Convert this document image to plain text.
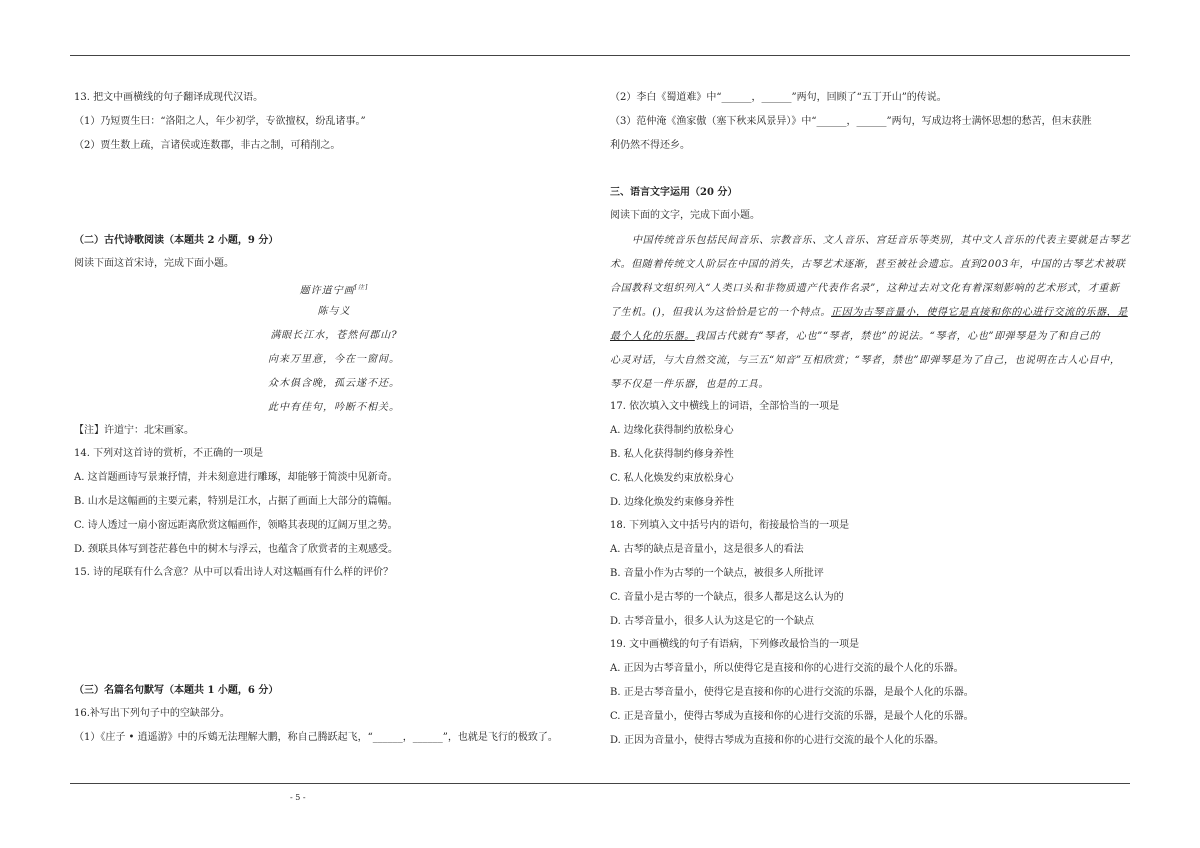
13. 把文中画横线的句子翻译成现代汉语。
（1）乃短贾生曰：“洛阳之人，年少初学，专欲擅权，纷乱诸事。”
（2）贾生数上疏，言诸侯或连数郡，非古之制，可稍削之。
（二）古代诗歌阅读（本题共 2 小题，9 分）
阅读下面这首宋诗，完成下面小题。
题许道宁画[注]
陈与义
满眼长江水，苍然何郡山?
向来万里意，今在一窗间。
众木俱含晚，孤云遂不还。
此中有佳句，吟断不相关。
【注】许道宁：北宋画家。
14. 下列对这首诗的赏析，不正确的一项是
A. 这首题画诗写景兼抒情，并未刻意进行雕琢，却能够于简淡中见新奇。
B. 山水是这幅画的主要元素，特别是江水，占据了画面上大部分的篇幅。
C. 诗人透过一扇小窗远距离欣赏这幅画作，领略其表现的辽阔万里之势。
D. 颈联具体写到苍茫暮色中的树木与浮云，也蕴含了欣赏者的主观感受。
15. 诗的尾联有什么含意？从中可以看出诗人对这幅画有什么样的评价？
（三）名篇名句默写（本题共 1 小题，6 分）
16.补写出下列句子中的空缺部分。
（1）《庄子 • 逍遥游》中的斥鴳无法理解大鹏，称自己腾跃起飞，“______，______”，也就是飞行的极致了。
（2）李白《蜀道难》中“______，______”两句，回顾了“五丁开山”的传说。
（3）范仲淹《渔家傲（塞下秋来风景异）》中“______，______”两句，写成边将士满怀思想的愁苦，但末获胜
利仍然不得还乡。
三、语言文字运用（20 分）
阅读下面的文字，完成下面小题。
中国传统音乐包括民间音乐、宗教音乐、文人音乐、宫廷音乐等类别，其中文人音乐的代表主要就是古琴艺
术。但随着传统文人阶层在中国的消失，古琴艺术逐渐，甚至被社会遗忘。直到2003年，中国的古琴艺术被联
合国教科文组织列入“人类口头和非物质遗产代表作名录”，这种过去对文化有着深刻影响的艺术形式，才重新
了生机。()，但我认为这恰恰是它的一个特点。正因为古琴音量小，使得它是直接和你的心进行交流的乐器，是
最个人化的乐器。我国古代就有“琴者，心也”“琴者，禁也”的说法。“琴者，心也”即弹琴是为了和自己的
心灵对话，与大自然交流，与三五“知音”互相欣赏；“琴者，禁也”即弹琴是为了自己，也说明在古人心目中，
琴不仅是一件乐器，也是的工具。
17. 依次填入文中横线上的词语，全部恰当的一项是
A. 边缘化获得制约放松身心
B. 私人化获得制约修身养性
C. 私人化焕发约束放松身心
D. 边缘化焕发约束修身养性
18. 下列填入文中括号内的语句，衔接最恰当的一项是
A. 古琴的缺点是音量小，这是很多人的看法
B. 音量小作为古琴的一个缺点，被很多人所批评
C. 音量小是古琴的一个缺点，很多人都是这么认为的
D. 古琴音量小，很多人认为这是它的一个缺点
19. 文中画横线的句子有语病，下列修改最恰当的一项是
A. 正因为古琴音量小，所以使得它是直接和你的心进行交流的最个人化的乐器。
B. 正是古琴音量小，使得它是直接和你的心进行交流的乐器，是最个人化的乐器。
C. 正是音量小，使得古琴成为直接和你的心进行交流的乐器，是最个人化的乐器。
D. 正因为音量小，使得古琴成为直接和你的心进行交流的最个人化的乐器。
- 5 -
